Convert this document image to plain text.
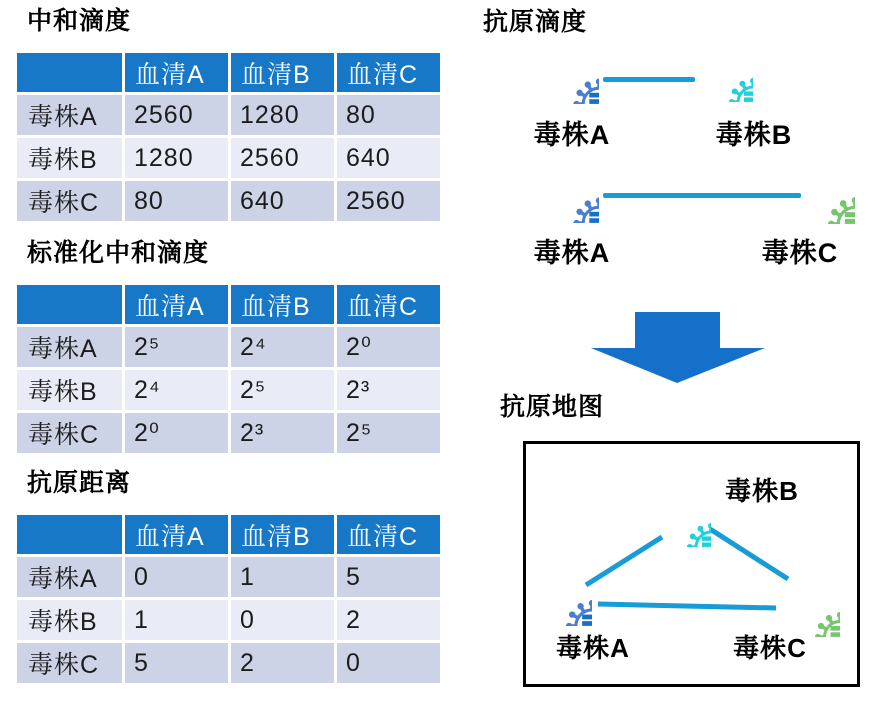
中和滴度
	血清A	血清B	血清C
毒株A	2560	1280	80
毒株B	1280	2560	640
毒株C	80	640	2560
标准化中和滴度
	血清A	血清B	血清C
毒株A	2⁵	2⁴	2⁰
毒株B	2⁴	2⁵	2³
毒株C	2⁰	2³	2⁵
抗原距离
	血清A	血清B	血清C
毒株A	0	1	5
毒株B	1	0	2
毒株C	5	2	0
抗原滴度
毒株A	毒株B
毒株A	毒株C
抗原地图
毒株B
毒株A	毒株C
